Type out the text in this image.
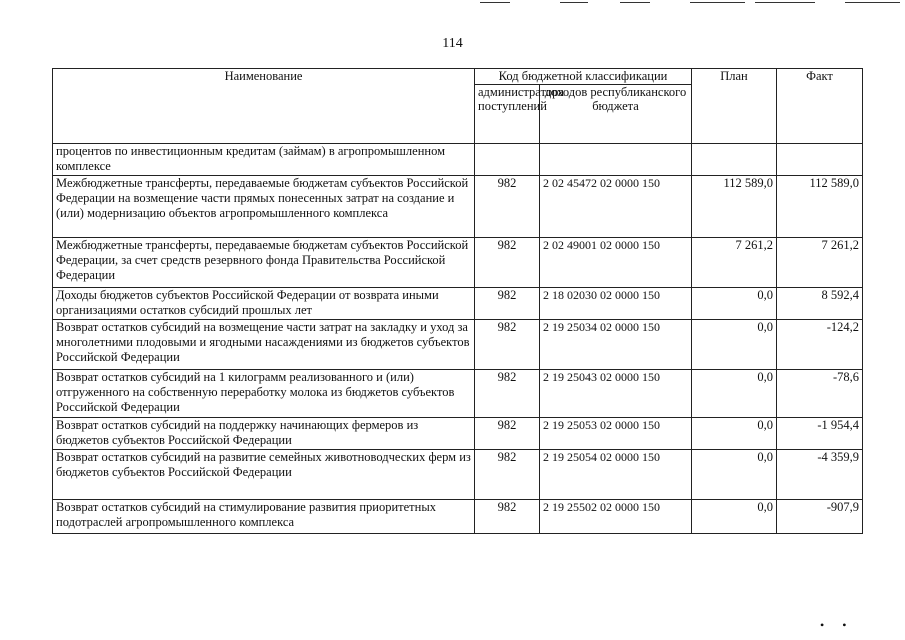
114
Наименование	Код бюджетной классификации		План	Факт
	администратора поступлений	доходов республиканского бюджета		
процентов по инвестиционным кредитам (займам) в агропромышленном комплексе				
Межбюджетные трансферты, передаваемые бюджетам субъектов Российской Федерации на возмещение части прямых понесенных затрат на создание и (или) модернизацию объектов агропромышленного комплекса	982	2 02 45472 02 0000 150	112 589,0	112 589,0
Межбюджетные трансферты, передаваемые бюджетам субъектов Российской Федерации, за счет средств резервного фонда Правительства Российской Федерации	982	2 02 49001 02 0000 150	7 261,2	7 261,2
Доходы бюджетов субъектов Российской Федерации от возврата иными организациями остатков субсидий прошлых лет	982	2 18 02030 02 0000 150	0,0	8 592,4
Возврат остатков субсидий на возмещение части затрат на закладку и уход за многолетними плодовыми и ягодными насаждениями из бюджетов субъектов Российской Федерации	982	2 19 25034 02 0000 150	0,0	-124,2
Возврат остатков субсидий на 1 килограмм реализованного и (или) отгруженного на собственную переработку молока из бюджетов субъектов Российской Федерации	982	2 19 25043 02 0000 150	0,0	-78,6
Возврат остатков субсидий на поддержку начинающих фермеров из бюджетов субъектов Российской Федерации	982	2 19 25053 02 0000 150	0,0	-1 954,4
Возврат остатков субсидий на развитие семейных животноводческих ферм из бюджетов субъектов Российской Федерации	982	2 19 25054 02 0000 150	0,0	-4 359,9
Возврат остатков субсидий на стимулирование развития приоритетных подотраслей агропромышленного комплекса	982	2 19 25502 02 0000 150	0,0	-907,9
•      •
